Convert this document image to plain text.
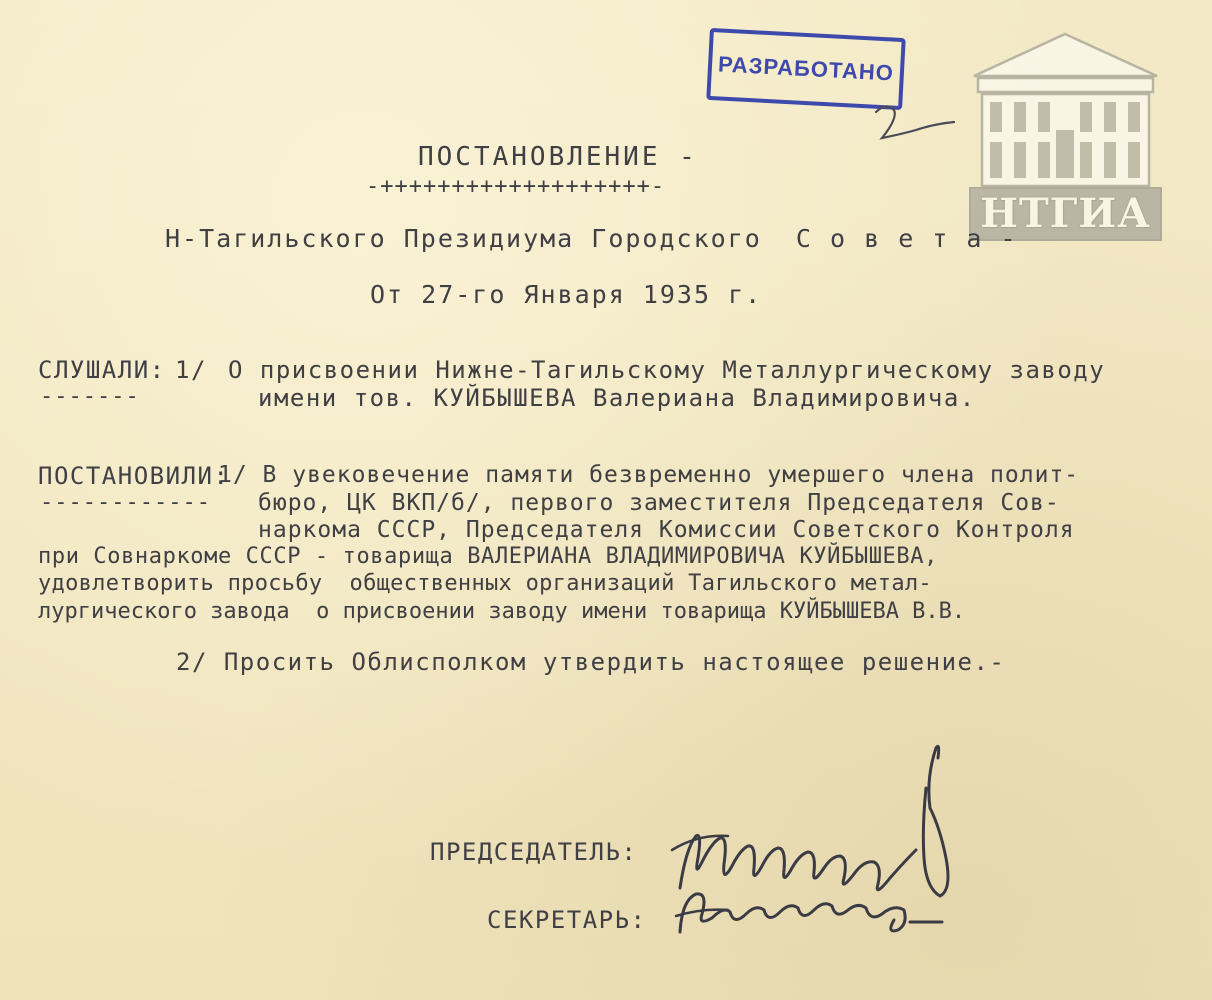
РАЗРАБОТАНО
НТГИА
ПОСТАНОВЛЕНИЕ -
-+++++++++++++++++++-
Н-Тагильского Президиума Городского  С о в е т а -
От 27-го Января 1935 г.
СЛУШАЛИ:
-------
1/ О присвоении Нижне-Тагильскому Металлургическому заводу
имени тов. КУЙБЫШЕВА Валериана Владимировича.
ПОСТАНОВИЛИ:
------------
1/ В увековечение памяти безвременно умершего члена полит-
бюро, ЦК ВКП/б/, первого заместителя Председателя Сов-
наркома СССР, Председателя Комиссии Советского Контроля
при Совнаркоме СССР - товарища ВАЛЕРИАНА ВЛАДИМИРОВИЧА КУЙБЫШЕВА,
удовлетворить просьбу  общественных организаций Тагильского метал-
лургического завода  о присвоении заводу имени товарища КУЙБЫШЕВА В.В.
2/ Просить Облисполком утвердить настоящее решение.-
ПРЕДСЕДАТЕЛЬ:
СЕКРЕТАРЬ:
